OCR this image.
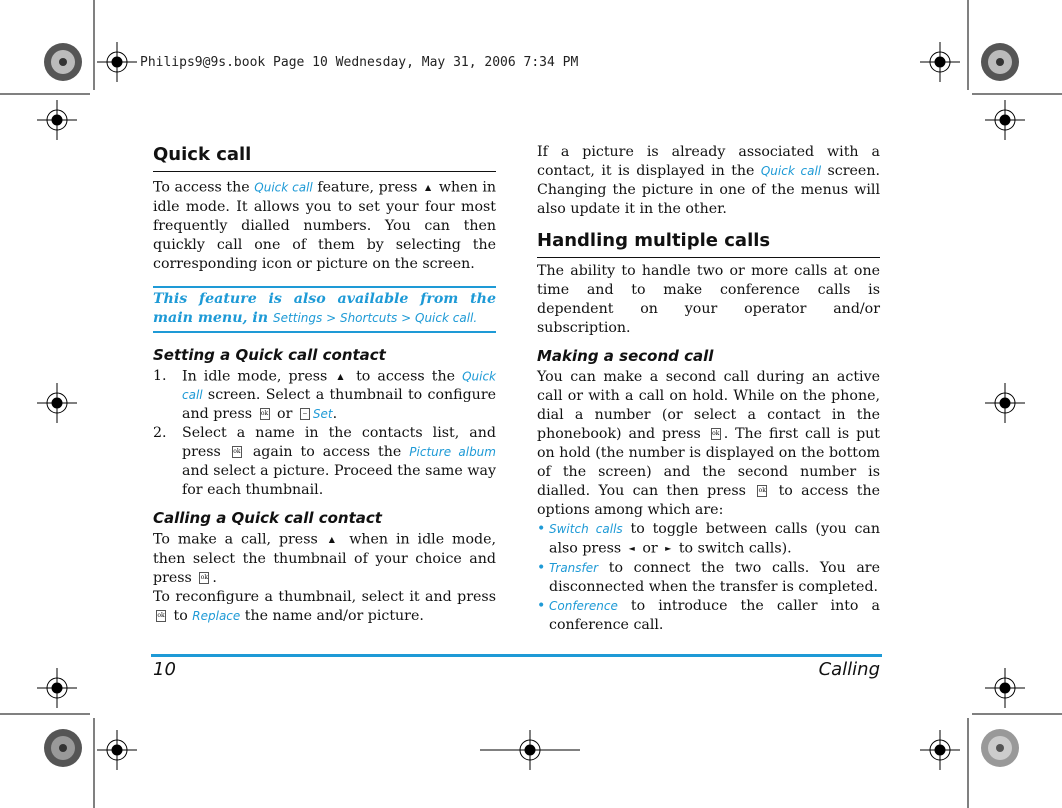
Philips9@9s.book Page 10 Wednesday, May 31, 2006 7:34 PM
Quick call

To access the Quick call feature, press ▲ when in idle mode. It allows you to set your four most frequently dialled numbers. You can then quickly call one of them by selecting the corresponding icon or picture on the screen.

This feature is also available from the main menu, in Settings > Shortcuts > Quick call.
Setting a Quick call contact
1. In idle mode, press ▲ to access the Quick call screen. Select a thumbnail to configure and press ok or − Set.
2. Select a name in the contacts list, and press ok again to access the Picture album and select a picture. Proceed the same way for each thumbnail.
Calling a Quick call contact

To make a call, press ▲ when in idle mode, then select the thumbnail of your choice and press ok .

To reconfigure a thumbnail, select it and press ok to Replace the name and/or picture.

If a picture is already associated with a contact, it is displayed in the Quick call screen. Changing the picture in one of the menus will also update it in the other.

Handling multiple calls

The ability to handle two or more calls at one time and to make conference calls is dependent on your operator and/or subscription.

Making a second call

You can make a second call during an active call or with a call on hold. While on the phone, dial a number (or select a contact in the phonebook) and press ok . The first call is put on hold (the number is displayed on the bottom of the screen) and the second number is dialled. You can then press ok to access the options among which are:

• Switch calls to toggle between calls (you can also press ◄ or ► to switch calls).
• Transfer to connect the two calls. You are disconnected when the transfer is completed.
• Conference to introduce the caller into a conference call.
10	Calling
